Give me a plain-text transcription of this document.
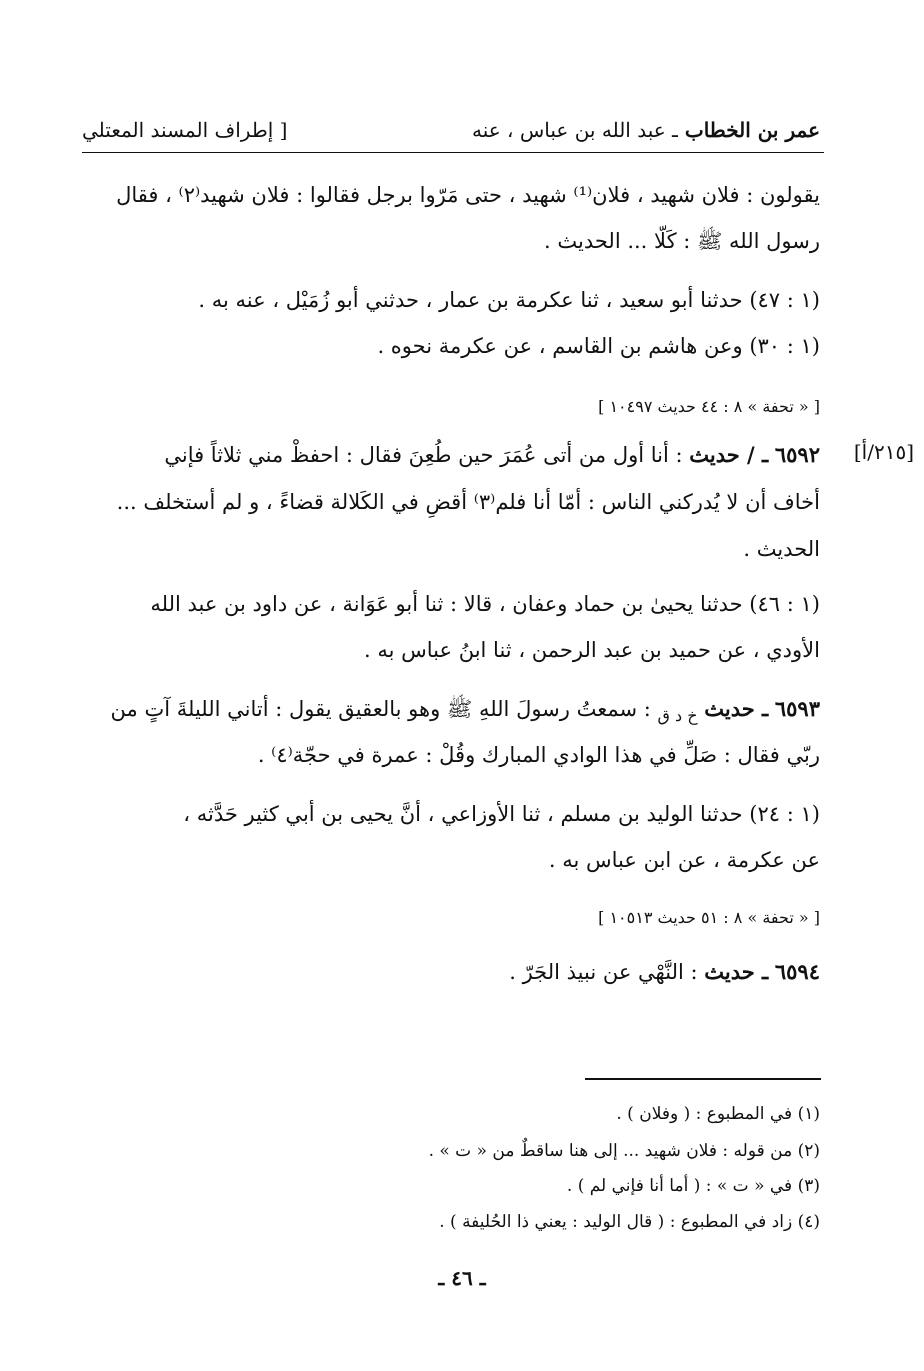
عمر بن الخطاب ـ عبد الله بن عباس ، عنه
[ إطراف المسند المعتلي
يقولون : فلان شهيد ، فلان⁽¹⁾ شهيد ، حتى مَرّوا برجل فقالوا : فلان شهيد⁽٢⁾ ، فقال
رسول الله ﷺ : كَلّا ... الحديث .
(١ : ٤٧) حدثنا أبو سعيد ، ثنا عكرمة بن عمار ، حدثني أبو زُمَيْل ، عنه به .
(١ : ٣٠) وعن هاشم بن القاسم ، عن عكرمة نحوه .
[ « تحفة » ٨ : ٤٤ حديث ١٠٤٩٧ ]
[٢١٥/أ]
٦٥٩٢ ـ / حديث : أنا أول من أتى عُمَرَ حين طُعِنَ فقال : احفظْ مني ثلاثاً فإني
أخاف أن لا يُدركني الناس : أمّا أنا فلم⁽٣⁾ أقضِ في الكَلالة قضاءً ، و لم أستخلف ...
الحديث .
(١ : ٤٦) حدثنا يحيىٰ بن حماد وعفان ، قالا : ثنا أبو عَوَانة ، عن داود بن عبد الله
الأودي ، عن حميد بن عبد الرحمن ، ثنا ابنُ عباس به .
٦٥٩٣ ـ حديث $_{خ د ق}$ : سمعتُ رسولَ اللهِ ﷺ وهو بالعقيق يقول : أتاني الليلةَ آتٍ من
ربّي فقال : صَلِّ في هذا الوادي المبارك وقُلْ : عمرة في حجّة⁽٤⁾ .
(١ : ٢٤) حدثنا الوليد بن مسلم ، ثنا الأوزاعي ، أنَّ يحيى بن أبي كثير حَدَّثه ،
عن عكرمة ، عن ابن عباس به .
[ « تحفة » ٨ : ٥١ حديث ١٠٥١٣ ]
٦٥٩٤ ـ حديث : النَّهْي عن نبيذ الجَرّ .
(١) في المطبوع : ( وفلان ) .
(٢) من قوله : فلان شهيد ... إلى هنا ساقطٌ من « ت » .
(٣) في « ت » : ( أما أنا فإني لم ) .
(٤) زاد في المطبوع : ( قال الوليد : يعني ذا الحُليفة ) .
ـ ٤٦ ـ
